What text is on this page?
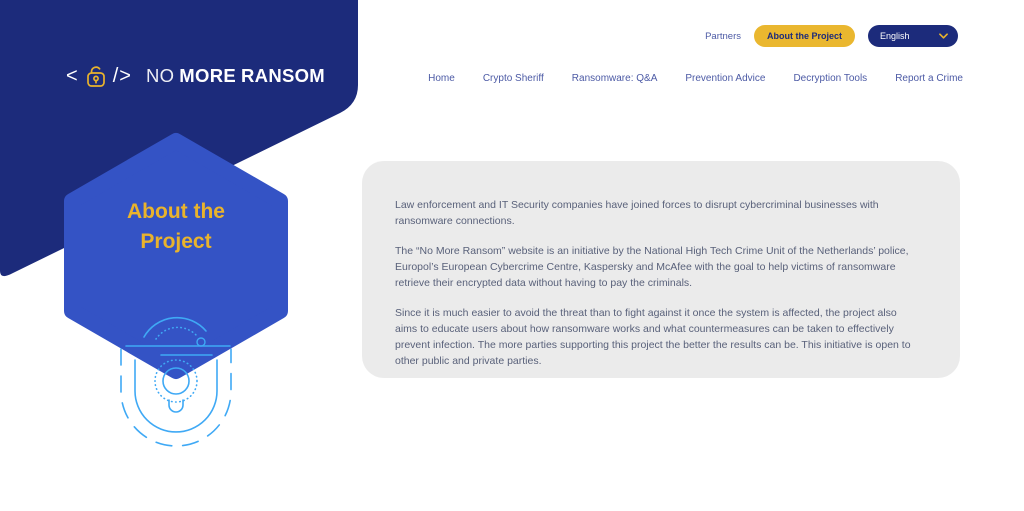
< /> NO MORE RANSOM
Partners	About the Project	English
Home	Crypto Sheriff	Ransomware: Q&A	Prevention Advice	Decryption Tools	Report a Crime
About the
Project

Law enforcement and IT Security companies have joined forces to disrupt cybercriminal businesses with ransomware connections.

The “No More Ransom” website is an initiative by the National High Tech Crime Unit of the Netherlands’ police, Europol’s European Cybercrime Centre, Kaspersky and McAfee with the goal to help victims of ransomware retrieve their encrypted data without having to pay the criminals.

Since it is much easier to avoid the threat than to fight against it once the system is affected, the project also aims to educate users about how ransomware works and what countermeasures can be taken to effectively prevent infection. The more parties supporting this project the better the results can be. This initiative is open to other public and private parties.
